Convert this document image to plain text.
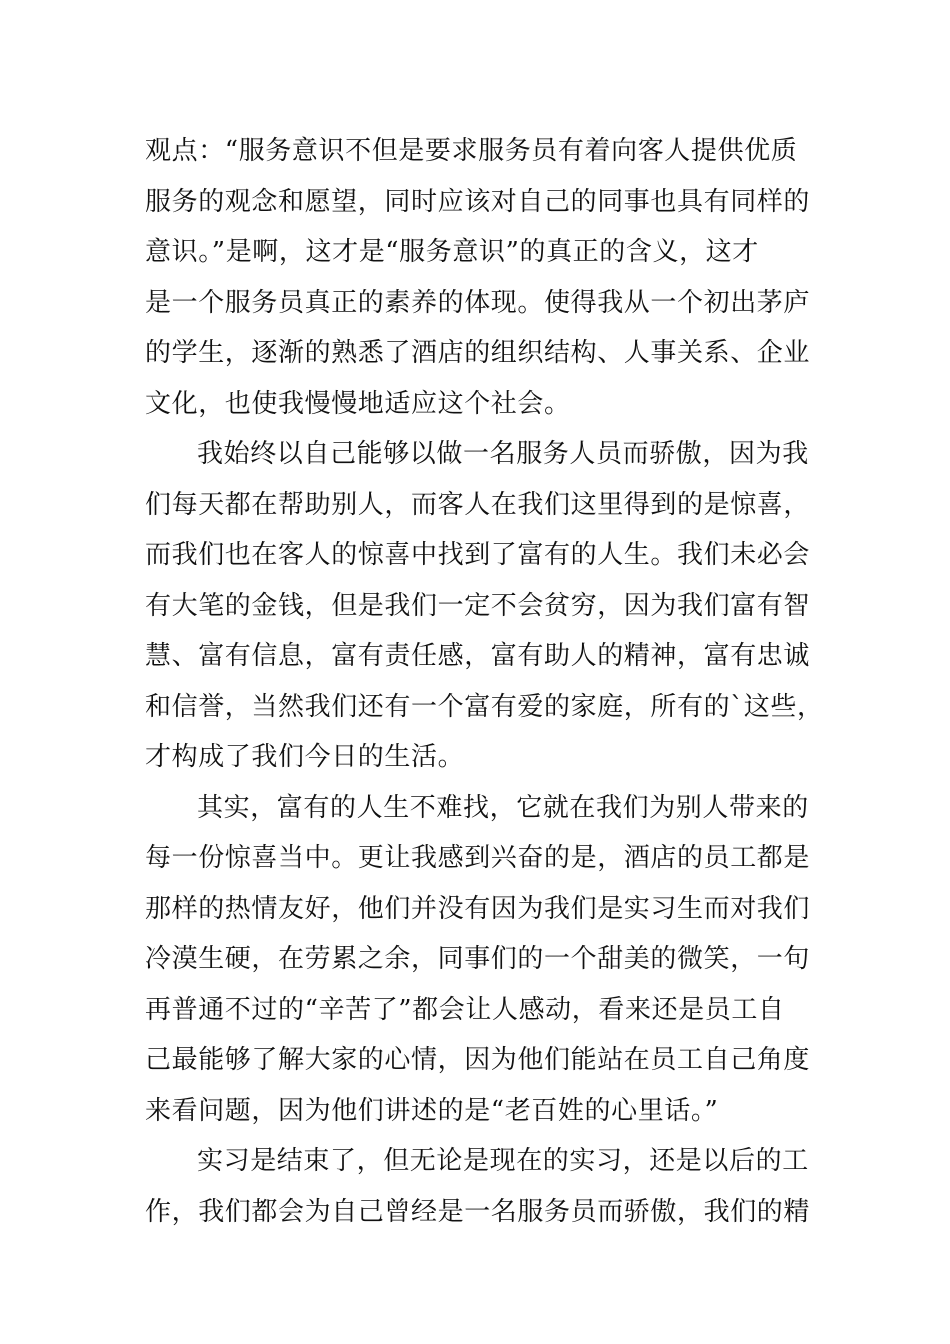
观点：“服务意识不但是要求服务员有着向客人提供优质
服务的观念和愿望，同时应该对自己的同事也具有同样的
意识。”是啊，这才是“服务意识”的真正的含义，这才
是一个服务员真正的素养的体现。使得我从一个初出茅庐
的学生，逐渐的熟悉了酒店的组织结构、人事关系、企业
文化，也使我慢慢地适应这个社会。
我始终以自己能够以做一名服务人员而骄傲，因为我
们每天都在帮助别人，而客人在我们这里得到的是惊喜，
而我们也在客人的惊喜中找到了富有的人生。我们未必会
有大笔的金钱，但是我们一定不会贫穷，因为我们富有智
慧、富有信息，富有责任感，富有助人的精神，富有忠诚
和信誉，当然我们还有一个富有爱的家庭，所有的`这些，
才构成了我们今日的生活。
其实，富有的人生不难找，它就在我们为别人带来的
每一份惊喜当中。更让我感到兴奋的是，酒店的员工都是
那样的热情友好，他们并没有因为我们是实习生而对我们
冷漠生硬，在劳累之余，同事们的一个甜美的微笑，一句
再普通不过的“辛苦了”都会让人感动，看来还是员工自
己最能够了解大家的心情，因为他们能站在员工自己角度
来看问题，因为他们讲述的是“老百姓的心里话。”
实习是结束了，但无论是现在的实习，还是以后的工
作，我们都会为自己曾经是一名服务员而骄傲，我们的精
